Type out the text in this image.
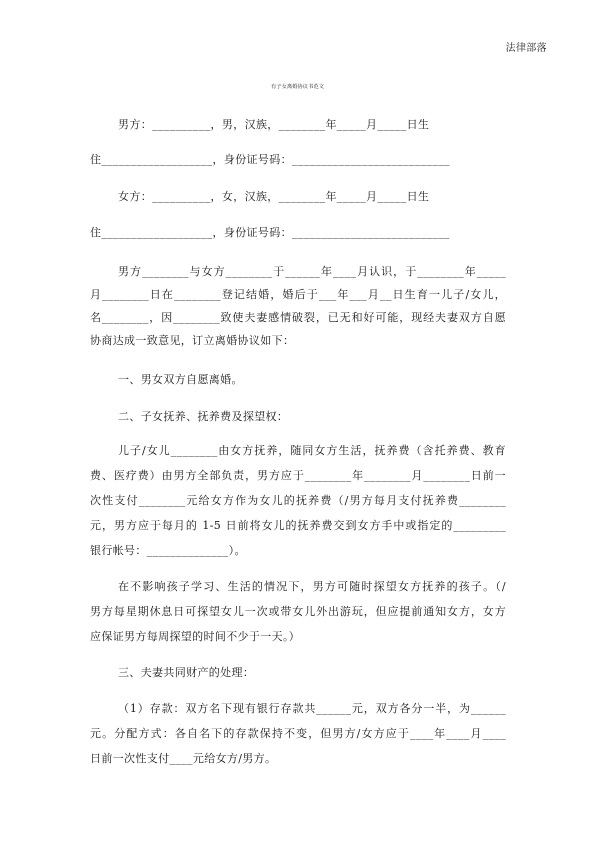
法律部落
有子女离婚协议书范文
男方：__________，男，汉族，________年_____月_____日生
住___________________，身份证号码：___________________________
女方：__________，女，汉族，________年_____月_____日生
住___________________，身份证号码：___________________________
男方________与女方________于______年____月认识，于________年_____
月________日在________登记结婚，婚后于___年___月__日生育一儿子/女儿，
名________，因________致使夫妻感情破裂，已无和好可能，现经夫妻双方自愿
协商达成一致意见，订立离婚协议如下：
一、男女双方自愿离婚。
二、子女抚养、抚养费及探望权：
儿子/女儿________由女方抚养，随同女方生活，抚养费（含托养费、教育
费、医疗费）由男方全部负责，男方应于________年________月________日前一
次性支付________元给女方作为女儿的抚养费（/男方每月支付抚养费________
元，男方应于每月的 1-5 日前将女儿的抚养费交到女方手中或指定的_________
银行帐号：______________）。
在不影响孩子学习、生活的情况下，男方可随时探望女方抚养的孩子。（/
男方每星期休息日可探望女儿一次或带女儿外出游玩，但应提前通知女方，女方
应保证男方每周探望的时间不少于一天。）
三、夫妻共同财产的处理：
（1）存款：双方名下现有银行存款共______元，双方各分一半，为______
元。分配方式：各自名下的存款保持不变，但男方/女方应于____年____月____
日前一次性支付____元给女方/男方。
